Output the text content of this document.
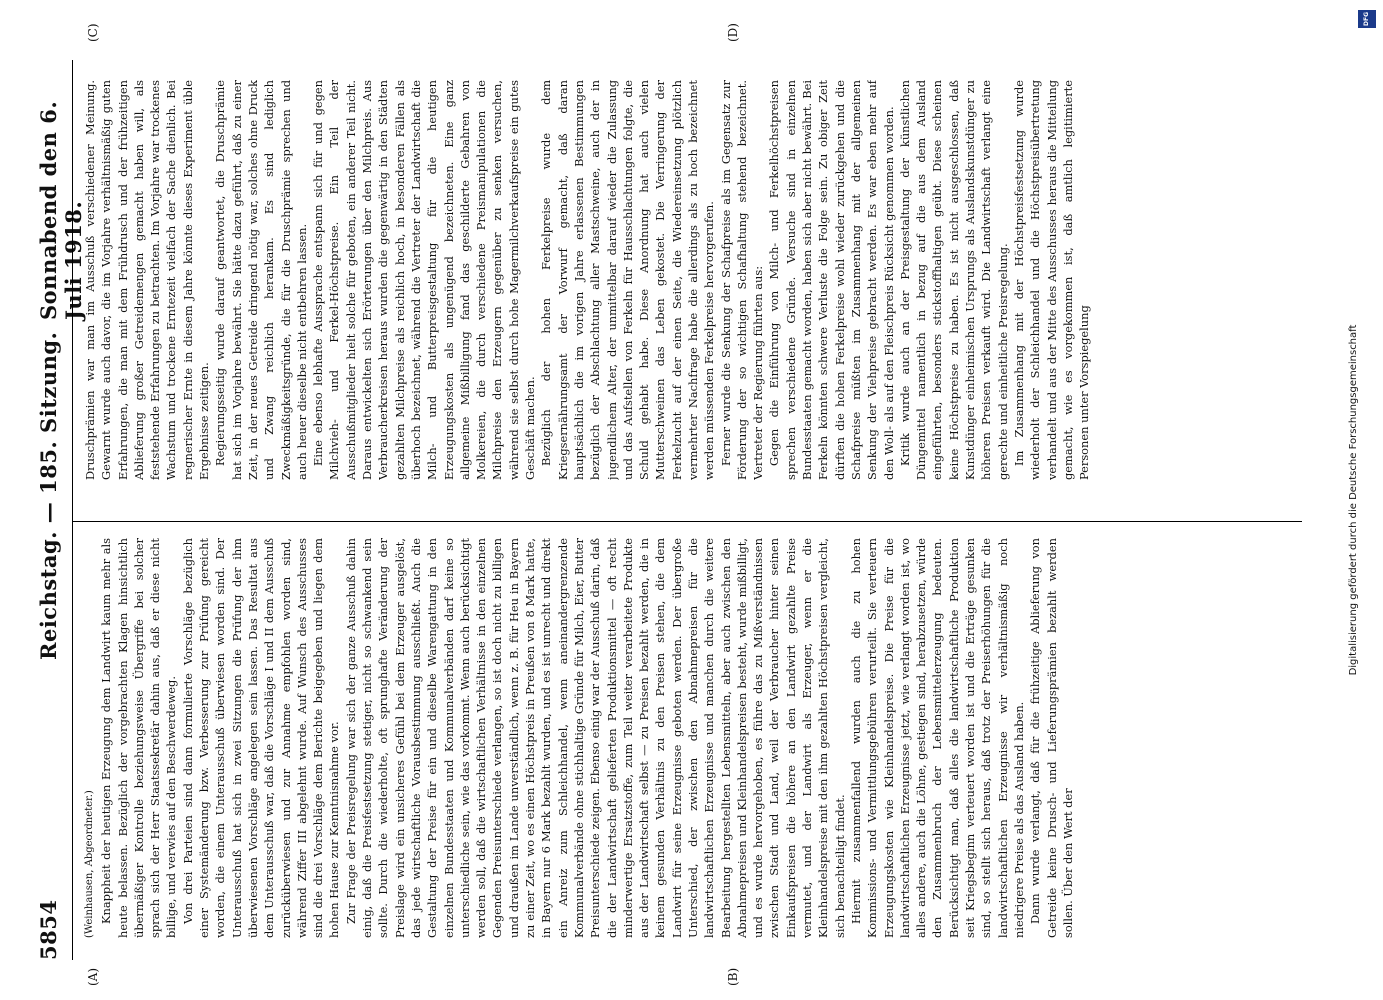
5854
Reichstag. — 185. Sitzung.
Sonnabend den 6. Juli 1918.
(A)	(B)
(C)	(D)

(Weinhausen, Abgeordneter.) Knappheit der heutigen Erzeugung dem Landwirt kaum mehr als heute belassen. Bezüglich der vorgebrachten Klagen hinsichtlich übermäßiger Kontrolle beziehungsweise Übergriffe bei solcher sprach sich der Herr Staatssekretär dahin aus, daß er diese nicht billige, und verwies auf den Beschwerdeweg. Von drei Parteien sind dann formulierte Vorschläge bezüglich einer Systemänderung bzw. Verbesserung zur Prüfung gereicht worden, die einem Unterausschuß überwiesen worden sind. Der Unterausschuß hat sich in zwei Sitzungen die Prüfung der ihm überwiesenen Vorschläge angelegen sein lassen. Das Resultat aus dem Unterausschuß war, daß die Vorschläge I und II dem Ausschuß zurücküberwiesen und zur Annahme empfohlen worden sind, während Ziffer III abgelehnt wurde. Auf Wunsch des Ausschusses sind die drei Vorschläge dem Berichte beigegeben und liegen dem hohen Hause zur Kenntnisnahme vor. Zur Frage der Preisregelung war sich der ganze Ausschuß dahin einig, daß die Preisfestsetzung stetiger, nicht so schwankend sein sollte. Durch die wiederholte, oft sprunghafte Veränderung der Preislage wird ein unsicheres Gefühl bei dem Erzeuger ausgelöst, das jede wirtschaftliche Vorausbestimmung ausschließt. Auch die Gestaltung der Preise für ein und dieselbe Warengattung in den einzelnen Bundesstaaten und Kommunalverbänden darf keine so unterschiedliche sein, wie das vorkommt. Wenn auch berücksichtigt werden soll, daß die wirtschaftlichen Verhältnisse in den einzelnen Gegenden Preisunterschiede verlangen, so ist doch nicht zu billigen und draußen im Lande unverständlich, wenn z. B. für Heu in Bayern zu einer Zeit, wo es einen Höchstpreis in Preußen von 8 Mark hatte, in Bayern nur 6 Mark bezahlt wurden, und es ist unrecht und direkt ein Anreiz zum Schleichhandel, wenn aneinandergrenzende Kommunalverbände ohne stichhaltige Gründe für Milch, Eier, Butter Preisunterschiede zeigen. Ebenso einig war der Ausschuß darin, daß die der Landwirtschaft gelieferten Produktionsmittel — oft recht minderwertige Ersatzstoffe, zum Teil weiter verarbeitete Produkte aus der Landwirtschaft selbst — zu Preisen bezahlt werden, die in keinem gesunden Verhältnis zu den Preisen stehen, die dem Landwirt für seine Erzeugnisse geboten werden. Der übergroße Unterschied, der zwischen den Abnahmepreisen für die landwirtschaftlichen Erzeugnisse und manchen durch die weitere Bearbeitung hergestellten Lebensmitteln, aber auch zwischen den Abnahmepreisen und Kleinhandelspreisen besteht, wurde mißbilligt, und es wurde hervorgehoben, es führe das zu Mißverständnissen zwischen Stadt und Land, weil der Verbraucher hinter seinen Einkaufspreisen die höhere an den Landwirt gezahlte Preise vermutet, und der Landwirt als Erzeuger, wenn er die Kleinhandelspreise mit den ihm gezahlten Höchstpreisen vergleicht, sich benachteiligt findet. Hiermit zusammenfallend wurden auch die zu hohen Kommissions- und Vermittlungsgebühren verurteilt. Sie verteuern Erzeugungskosten wie Kleinhandelspreise. Die Preise für die landwirtschaftlichen Erzeugnisse jetzt, wie verlangt worden ist, wo alles andere, auch die Löhne, gestiegen sind, herabzusetzen, würde den Zusammenbruch der Lebensmittelerzeugung bedeuten. Berücksichtigt man, daß alles die landwirtschaftliche Produktion seit Kriegsbeginn verteuert worden ist und die Erträge gesunken sind, so stellt sich heraus, daß trotz der Preiserhöhungen für die landwirtschaftlichen Erzeugnisse wir verhältnismäßig noch niedrigere Preise als das Ausland haben. Dann wurde verlangt, daß für die frühzeitige Ablieferung von Getreide keine Drusch- und Lieferungsprämien bezahlt werden sollen. Über den Wert der

Druschprämien war man im Ausschuß verschiedener Meinung. Gewarnt wurde auch davor, die im Vorjahre verhältnismäßig guten Erfahrungen, die man mit dem Frühdrusch und der frühzeitigen Ablieferung großer Getreidemengen gemacht haben will, als feststehende Erfahrungen zu betrachten. Im Vorjahre war trockenes Wachstum und trockene Erntezeit vielfach der Sache dienlich. Bei regnerischer Ernte in diesem Jahre könnte dieses Experiment üble Ergebnisse zeitigen. Regierungsseitig wurde darauf geantwortet, die Druschprämie hat sich im Vorjahre bewährt. Sie hätte dazu geführt, daß zu einer Zeit, in der neues Getreide dringend nötig war, solches ohne Druck und Zwang reichlich herankam. Es sind lediglich Zweckmäßigkeitsgründe, die für die Druschprämie sprechen und auch heuer dieselbe nicht entbehren lassen. Eine ebenso lebhafte Aussprache entspann sich für und gegen Milchvieh- und Ferkel-Höchstpreise. Ein Teil der Ausschußmitglieder hielt solche für geboten, ein anderer Teil nicht. Daraus entwickelten sich Erörterungen über den Milchpreis. Aus Verbraucherkreisen heraus wurden die gegenwärtig in den Städten gezahlten Milchpreise als reichlich hoch, in besonderen Fällen als überhoch bezeichnet, während die Vertreter der Landwirtschaft die Milch- und Butterpreisgestaltung für die heutigen Erzeugungskosten als ungenügend bezeichneten. Eine ganz allgemeine Mißbilligung fand das geschilderte Gebahren von Molkereien, die durch verschiedene Preismanipulationen die Milchpreise den Erzeugern gegenüber zu senken versuchen, während sie selbst durch hohe Magermilchverkaufspreise ein gutes Geschäft machen. Bezüglich der hohen Ferkelpreise wurde dem Kriegsernährungsamt der Vorwurf gemacht, daß daran hauptsächlich die im vorigen Jahre erlassenen Bestimmungen bezüglich der Abschlachtung aller Mastschweine, auch der in jugendlichem Alter, der unmittelbar darauf wieder die Zulassung und das Aufstellen von Ferkeln für Hausschlachtungen folgte, die Schuld gehabt habe. Diese Anordnung hat auch vielen Mutterschweinen das Leben gekostet. Die Verringerung der Ferkelzucht auf der einen Seite, die Wiedereinsetzung plötzlich vermehrter Nachfrage habe die allerdings als zu hoch bezeichnet werden müssenden Ferkelpreise hervorgerufen. Ferner wurde die Senkung der Schafpreise als im Gegensatz zur Förderung der so wichtigen Schafhaltung stehend bezeichnet. Vertreter der Regierung führten aus: Gegen die Einführung von Milch- und Ferkelhöchstpreisen sprechen verschiedene Gründe. Versuche sind in einzelnen Bundesstaaten gemacht worden, haben sich aber nicht bewährt. Bei Ferkeln könnten schwere Verluste die Folge sein. Zu obiger Zeit dürften die hohen Ferkelpreise wohl wieder zurückgehen und die Schafpreise müßten im Zusammenhang mit der allgemeinen Senkung der Viehpreise gebracht werden. Es war eben mehr auf den Woll- als auf den Fleischpreis Rücksicht genommen worden. Kritik wurde auch an der Preisgestaltung der künstlichen Düngemittel namentlich in bezug auf die aus dem Ausland eingeführten, besonders stickstoffhaltigen geübt. Diese scheinen keine Höchstpreise zu haben. Es ist nicht ausgeschlossen, daß Kunstdünger einheimischen Ursprungs als Auslandskunstdünger zu höheren Preisen verkauft wird. Die Landwirtschaft verlangt eine gerechte und einheitliche Preisregelung. Im Zusammenhang mit der Höchstpreisfestsetzung wurde wiederholt der Schleichhandel und die Höchstpreisübertretung verhandelt und aus der Mitte des Ausschusses heraus die Mitteilung gemacht, wie es vorgekommen ist, daß amtlich legitimierte Personen unter Vorspiegelung	Digitalisierung gefördert durch die Deutsche Forschungsgemeinschaft
DFG
